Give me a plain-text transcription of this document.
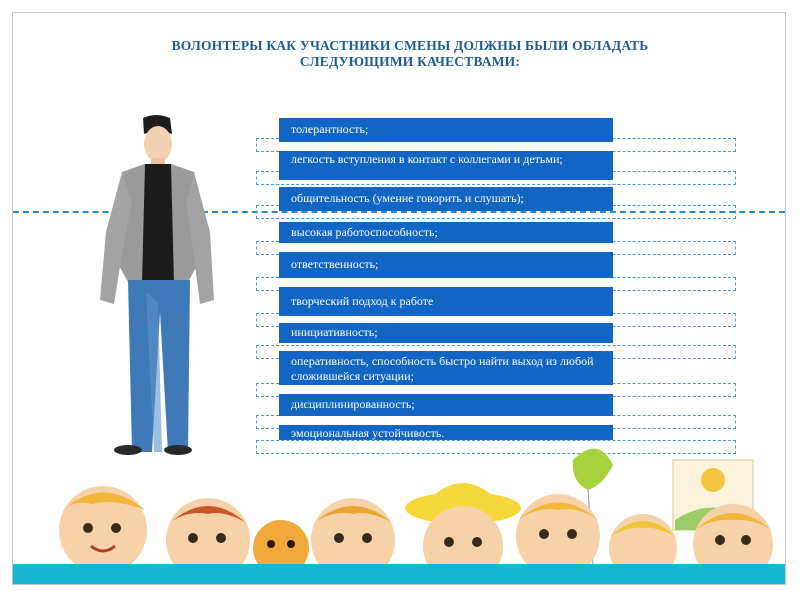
ВОЛОНТЕРЫ КАК УЧАСТНИКИ СМЕНЫ ДОЛЖНЫ БЫЛИ ОБЛАДАТЬ
СЛЕДУЮЩИМИ КАЧЕСТВАМИ:
толерантность;
легкость вступления в контакт с коллегами и детьми;
общительность (умение говорить и слушать);
высокая работоспособность;
ответственность;
творческий подход к работе
инициативность;
оперативность, способность быстро найти выход из любой сложившейся ситуации;
дисциплинированность;
эмоциональная устойчивость.
